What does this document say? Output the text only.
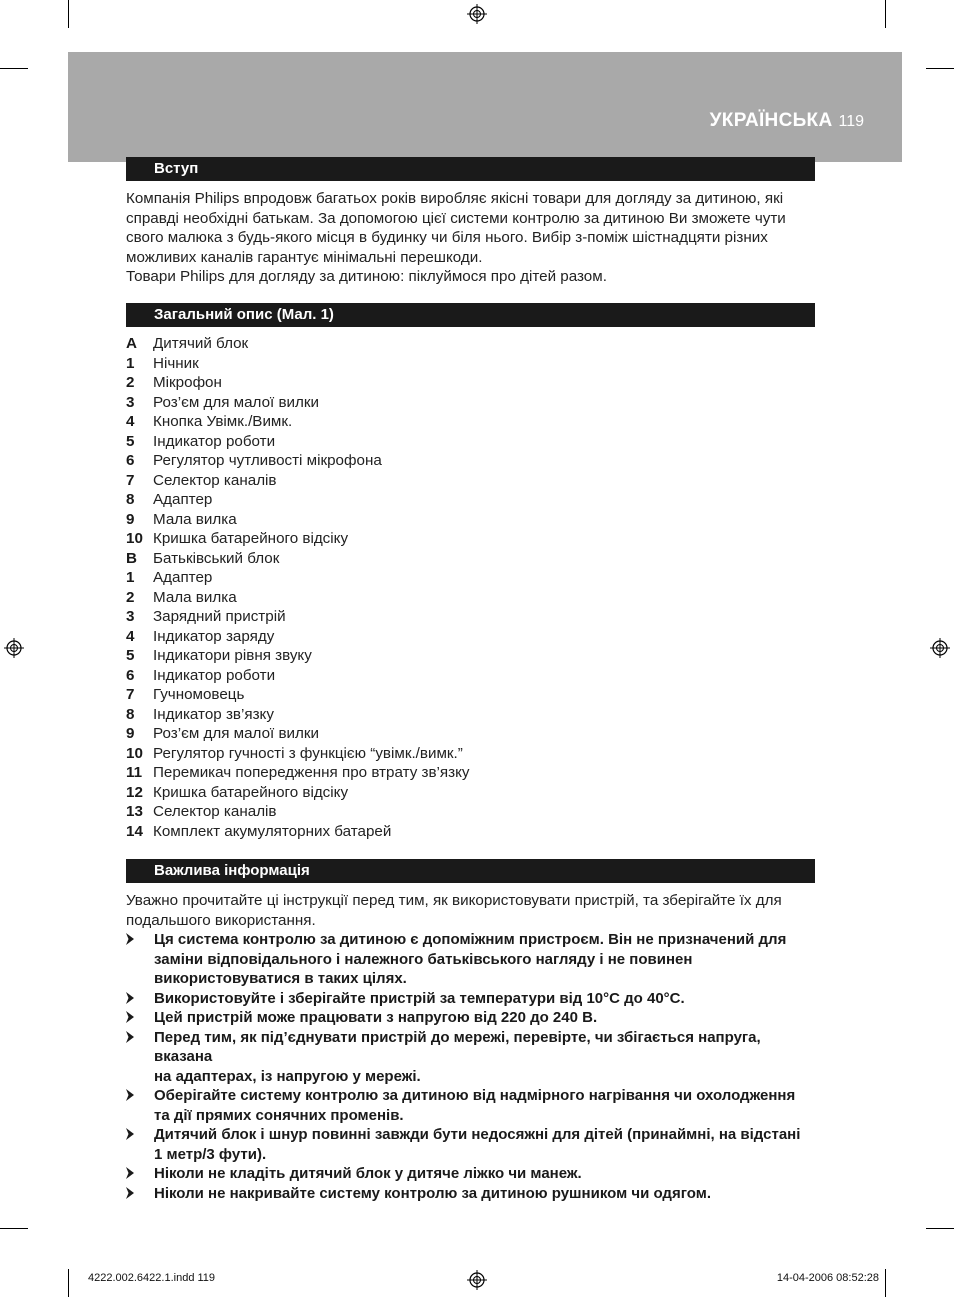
УКРАЇНСЬКА 119
Вступ

Компанія Philips впродовж багатьох років виробляє якісні товари для догляду за дитиною, які
справді необхідні батькам. За допомогою цієї системи контролю за дитиною Ви зможете чути
свого малюка з будь-якого місця в будинку чи біля нього. Вибір з-поміж шістнадцяти різних
можливих каналів гарантує мінімальні перешкоди.
Товари Philips для догляду за дитиною: піклуймося про дітей разом.

Загальний опис (Мал. 1)
A Дитячий блок
1 Нічник
2 Мікрофон
3 Роз’єм для малої вилки
4 Кнопка Увімк./Вимк.
5 Індикатор роботи
6 Регулятор чутливості мікрофона
7 Селектор каналів
8 Адаптер
9 Мала вилка
10 Кришка батарейного відсіку
B Батьківський блок
1 Адаптер
2 Мала вилка
3 Зарядний пристрій
4 Індикатор заряду
5 Індикатори рівня звуку
6 Індикатор роботи
7 Гучномовець
8 Індикатор зв’язку
9 Роз’єм для малої вилки
10 Регулятор гучності з функцією “увімк./вимк.”
11 Перемикач попередження про втрату зв’язку
12 Кришка батарейного відсіку
13 Селектор каналів
14 Комплект акумуляторних батарей
Важлива інформація

Уважно прочитайте ці інструкції перед тим, як використовувати пристрій, та зберігайте їх для
подальшого використання.

Ця система контролю за дитиною є допоміжним пристроєм. Він не призначений для
заміни відповідального і належного батьківського нагляду і не повинен
використовуватися в таких цілях.
Використовуйте і зберігайте пристрій за температури від 10°C до 40°C.
Цей пристрій може працювати з напругою від 220 до 240 В.
Перед тим, як під’єднувати пристрій до мережі, перевірте, чи збігається напруга, вказана
на адаптерах, із напругою у мережі.
Оберігайте систему контролю за дитиною від надмірного нагрівання чи охолодження
та дії прямих сонячних променів.
Дитячий блок і шнур повинні завжди бути недосяжні для дітей (принаймні, на відстані
1 метр/3 фути).
Ніколи не кладіть дитячий блок у дитяче ліжко чи манеж.
Ніколи не накривайте систему контролю за дитиною рушником чи одягом.
4222.002.6422.1.indd 119	14-04-2006 08:52:28
